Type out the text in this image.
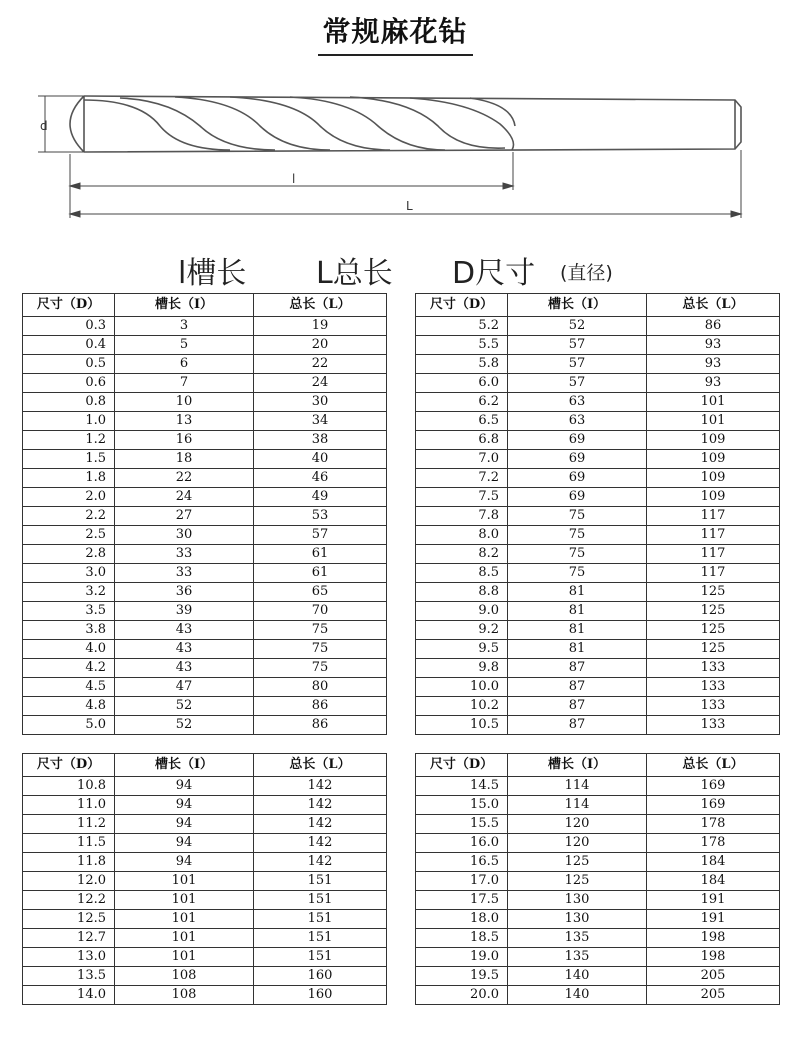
常规麻花钻
d
l
L
l槽长 L总长 D尺寸 (直径)
尺寸（D）	槽长（I）	总长（L）
0.3	3	19
0.4	5	20
0.5	6	22
0.6	7	24
0.8	10	30
1.0	13	34
1.2	16	38
1.5	18	40
1.8	22	46
2.0	24	49
2.2	27	53
2.5	30	57
2.8	33	61
3.0	33	61
3.2	36	65
3.5	39	70
3.8	43	75
4.0	43	75
4.2	43	75
4.5	47	80
4.8	52	86
5.0	52	86
尺寸（D）	槽长（I）	总长（L）
5.2	52	86
5.5	57	93
5.8	57	93
6.0	57	93
6.2	63	101
6.5	63	101
6.8	69	109
7.0	69	109
7.2	69	109
7.5	69	109
7.8	75	117
8.0	75	117
8.2	75	117
8.5	75	117
8.8	81	125
9.0	81	125
9.2	81	125
9.5	81	125
9.8	87	133
10.0	87	133
10.2	87	133
10.5	87	133
尺寸（D）	槽长（I）	总长（L）
10.8	94	142
11.0	94	142
11.2	94	142
11.5	94	142
11.8	94	142
12.0	101	151
12.2	101	151
12.5	101	151
12.7	101	151
13.0	101	151
13.5	108	160
14.0	108	160
尺寸（D）	槽长（I）	总长（L）
14.5	114	169
15.0	114	169
15.5	120	178
16.0	120	178
16.5	125	184
17.0	125	184
17.5	130	191
18.0	130	191
18.5	135	198
19.0	135	198
19.5	140	205
20.0	140	205
